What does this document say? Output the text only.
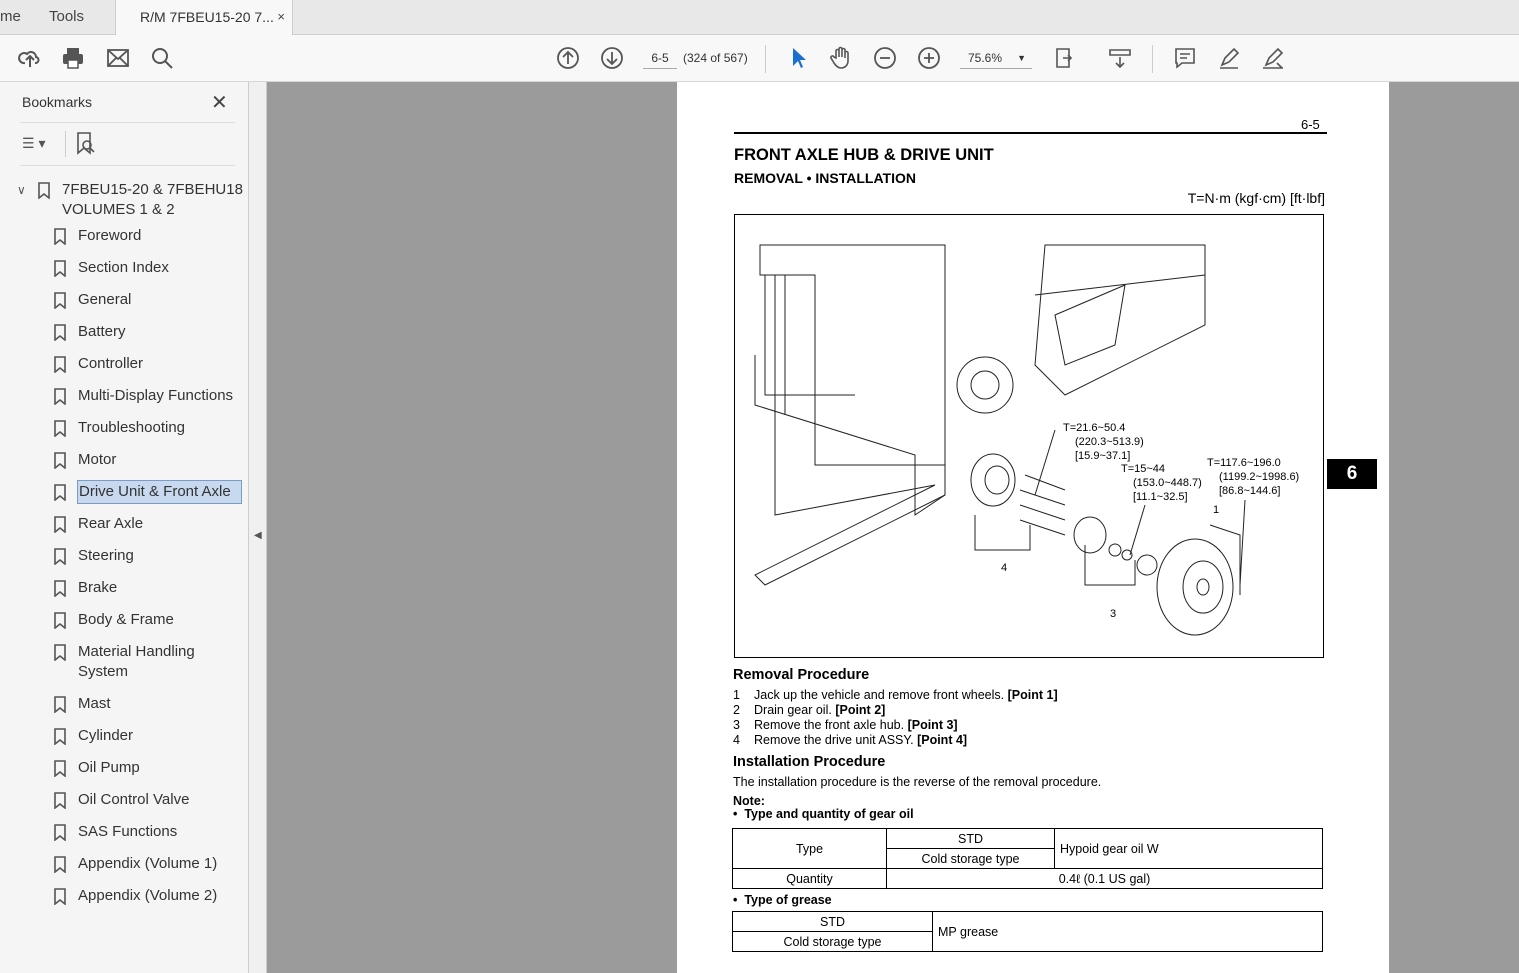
me Tools	R/M 7FBEU15-20 7... ×
6-5	(324 of 567)	75.6% ▼
Bookmarks	✕
☰ ▾
∨ 7FBEU15-20 & 7FBEHU18
VOLUMES 1 & 2
Foreword
Section Index
General
Battery
Controller
Multi-Display Functions
Troubleshooting
Motor
Drive Unit & Front Axle
Rear Axle
Steering
Brake
Body & Frame
Material Handling
System
Mast
Cylinder
Oil Pump
Oil Control Valve
SAS Functions
Appendix (Volume 1)
Appendix (Volume 2)
◀
6-5
FRONT AXLE HUB & DRIVE UNIT
REMOVAL • INSTALLATION
T=N·m (kgf·cm) [ft·lbf]
T=21.6~50.4
(220.3~513.9)
[15.9~37.1]
T=15~44
(153.0~448.7)
[11.1~32.5]
T=117.6~196.0
(1199.2~1998.6)
[86.8~144.6]
1
3
4
Removal Procedure
1 Jack up the vehicle and remove front wheels. [Point 1]
2 Drain gear oil. [Point 2]
3 Remove the front axle hub. [Point 3]
4 Remove the drive unit ASSY. [Point 4]
Installation Procedure
The installation procedure is the reverse of the removal procedure.
Note:
•  Type and quantity of gear oil
Type	STD	Hypoid gear oil W
	Cold storage type	
Quantity	0.4ℓ (0.1 US gal)	
•  Type of grease
STD	MP grease
Cold storage type
6
